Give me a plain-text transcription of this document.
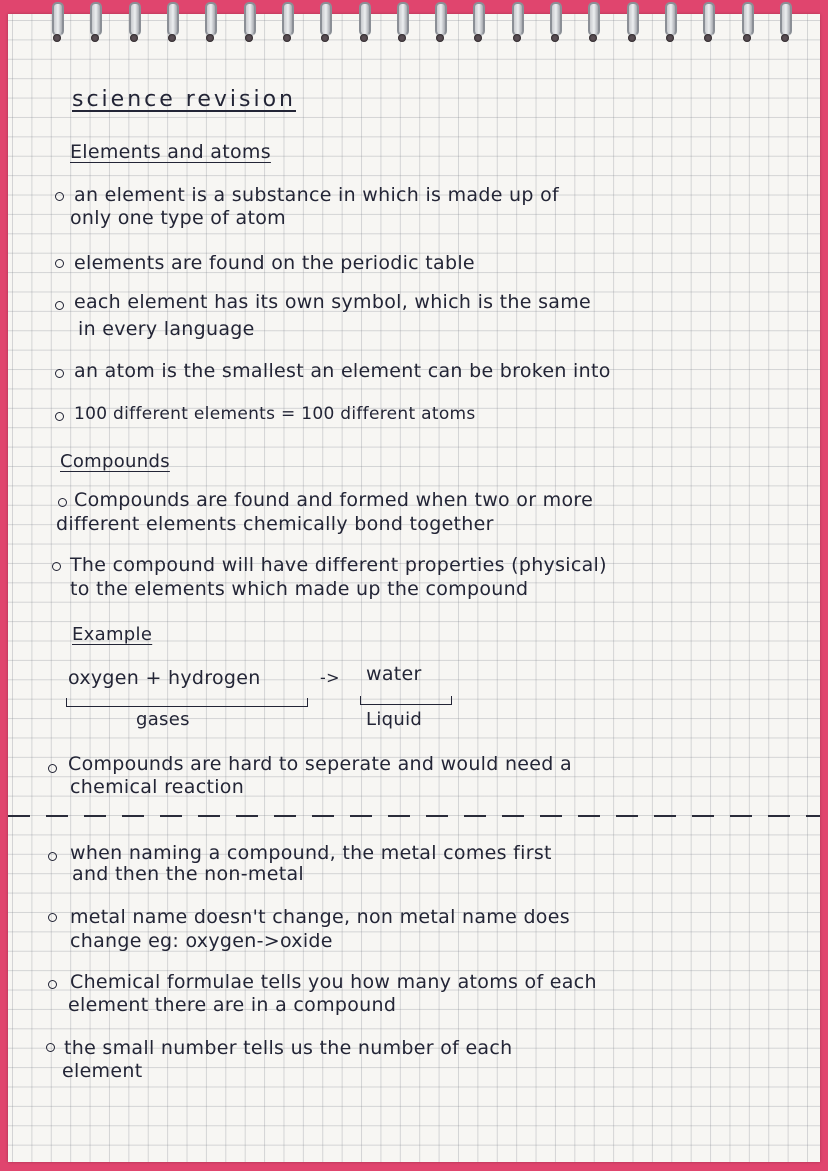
science revision
Elements and atoms
an element is a substance in which is made up of
only one type of atom
elements are found on the periodic table
each element has its own symbol, which is the same
in every language
an atom is the smallest an element can be broken into
100 different elements = 100 different atoms
Compounds
Compounds are found and formed when two or more
different elements chemically bond together
The compound will have different properties (physical)
to the elements which made up the compound
Example
oxygen + hydrogen	-> water
gases	Liquid
Compounds are hard to seperate and would need a
chemical reaction
when naming a compound, the metal comes first
and then the non-metal
metal name doesn't change, non metal name does
change eg: oxygen->oxide
Chemical formulae tells you how many atoms of each
element there are in a compound
the small number tells us the number of each
element
